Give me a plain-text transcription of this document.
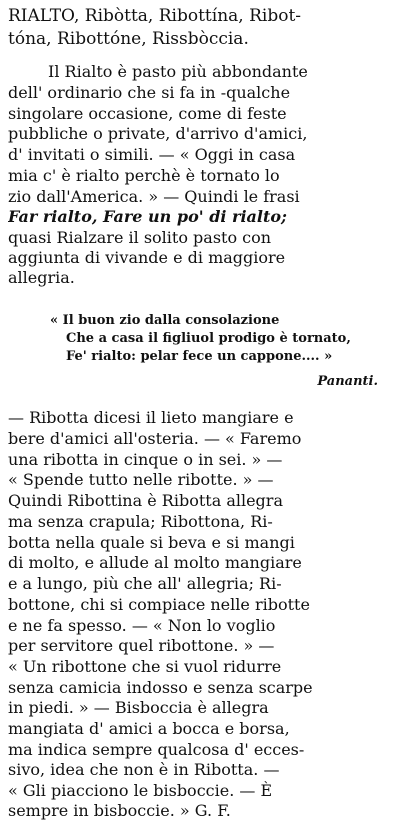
RIALTO, Ribòtta, Ribottína, Ribot-
tóna, Ribottóne, Rissbòccia.
Il Rialto è pasto più abbondante
dell' ordinario che si fa in -qualche
singolare occasione, come di feste
pubbliche o private, d'arrivo d'amici,
d' invitati o simili. — « Oggi in casa
mia c' è rialto perchè è tornato lo
zio dall'America. » — Quindi le frasi
Far rialto, Fare un po' di rialto;
quasi Rialzare il solito pasto con
aggiunta di vivande e di maggiore
allegria.
« Il buon zio dalla consolazione
Che a casa il figliuol prodigo è tornato,
Fe' rialto: pelar fece un cappone.... »
Pananti.
— Ribotta dicesi il lieto mangiare e
bere d'amici all'osteria. — « Faremo
una ribotta in cinque o in sei. » —
« Spende tutto nelle ribotte. » —
Quindi Ribottina è Ribotta allegra
ma senza crapula; Ribottona, Ri-
botta nella quale si beva e si mangi
di molto, e allude al molto mangiare
e a lungo, più che all' allegria; Ri-
bottone, chi si compiace nelle ribotte
e ne fa spesso. — « Non lo voglio
per servitore quel ribottone. » —
« Un ribottone che si vuol ridurre
senza camicia indosso e senza scarpe
in piedi. » — Bisboccia è allegra
mangiata d' amici a bocca e borsa,
ma indica sempre qualcosa d' ecces-
sivo, idea che non è in Ribotta. —
« Gli piacciono le bisboccie. — È
sempre in bisboccie. » G. F.
